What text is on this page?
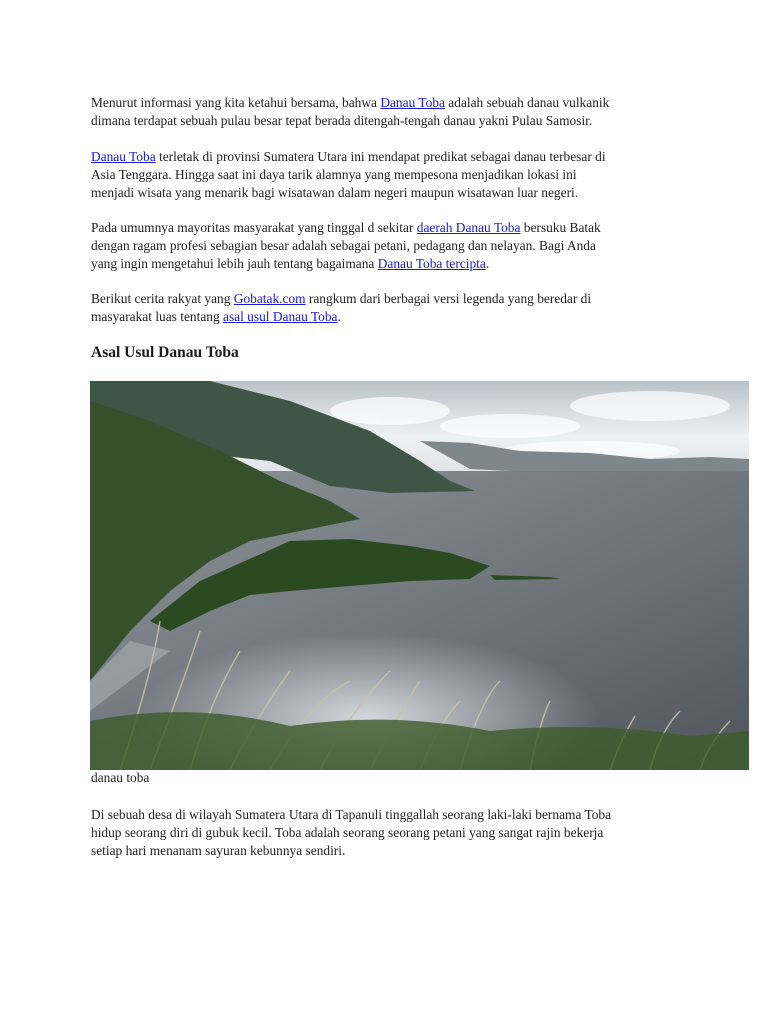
Menurut informasi yang kita ketahui bersama, bahwa Danau Toba adalah sebuah danau vulkanik
dimana terdapat sebuah pulau besar tepat berada ditengah-tengah danau yakni Pulau Samosir.

Danau Toba terletak di provinsi Sumatera Utara ini mendapat predikat sebagai danau terbesar di
Asia Tenggara. Hingga saat ini daya tarik alamnya yang mempesona menjadikan lokasi ini
menjadi wisata yang menarik bagi wisatawan dalam negeri maupun wisatawan luar negeri.

Pada umumnya mayoritas masyarakat yang tinggal d sekitar daerah Danau Toba bersuku Batak
dengan ragam profesi sebagian besar adalah sebagai petani, pedagang dan nelayan. Bagi Anda
yang ingin mengetahui lebih jauh tentang bagaimana Danau Toba tercipta.

Berikut cerita rakyat yang Gobatak.com rangkum dari berbagai versi legenda yang beredar di
masyarakat luas tentang asal usul Danau Toba.

Asal Usul Danau Toba

danau toba

Di sebuah desa di wilayah Sumatera Utara di Tapanuli tinggallah seorang laki-laki bernama Toba
hidup seorang diri di gubuk kecil. Toba adalah seorang seorang petani yang sangat rajin bekerja
setiap hari menanam sayuran kebunnya sendiri.
